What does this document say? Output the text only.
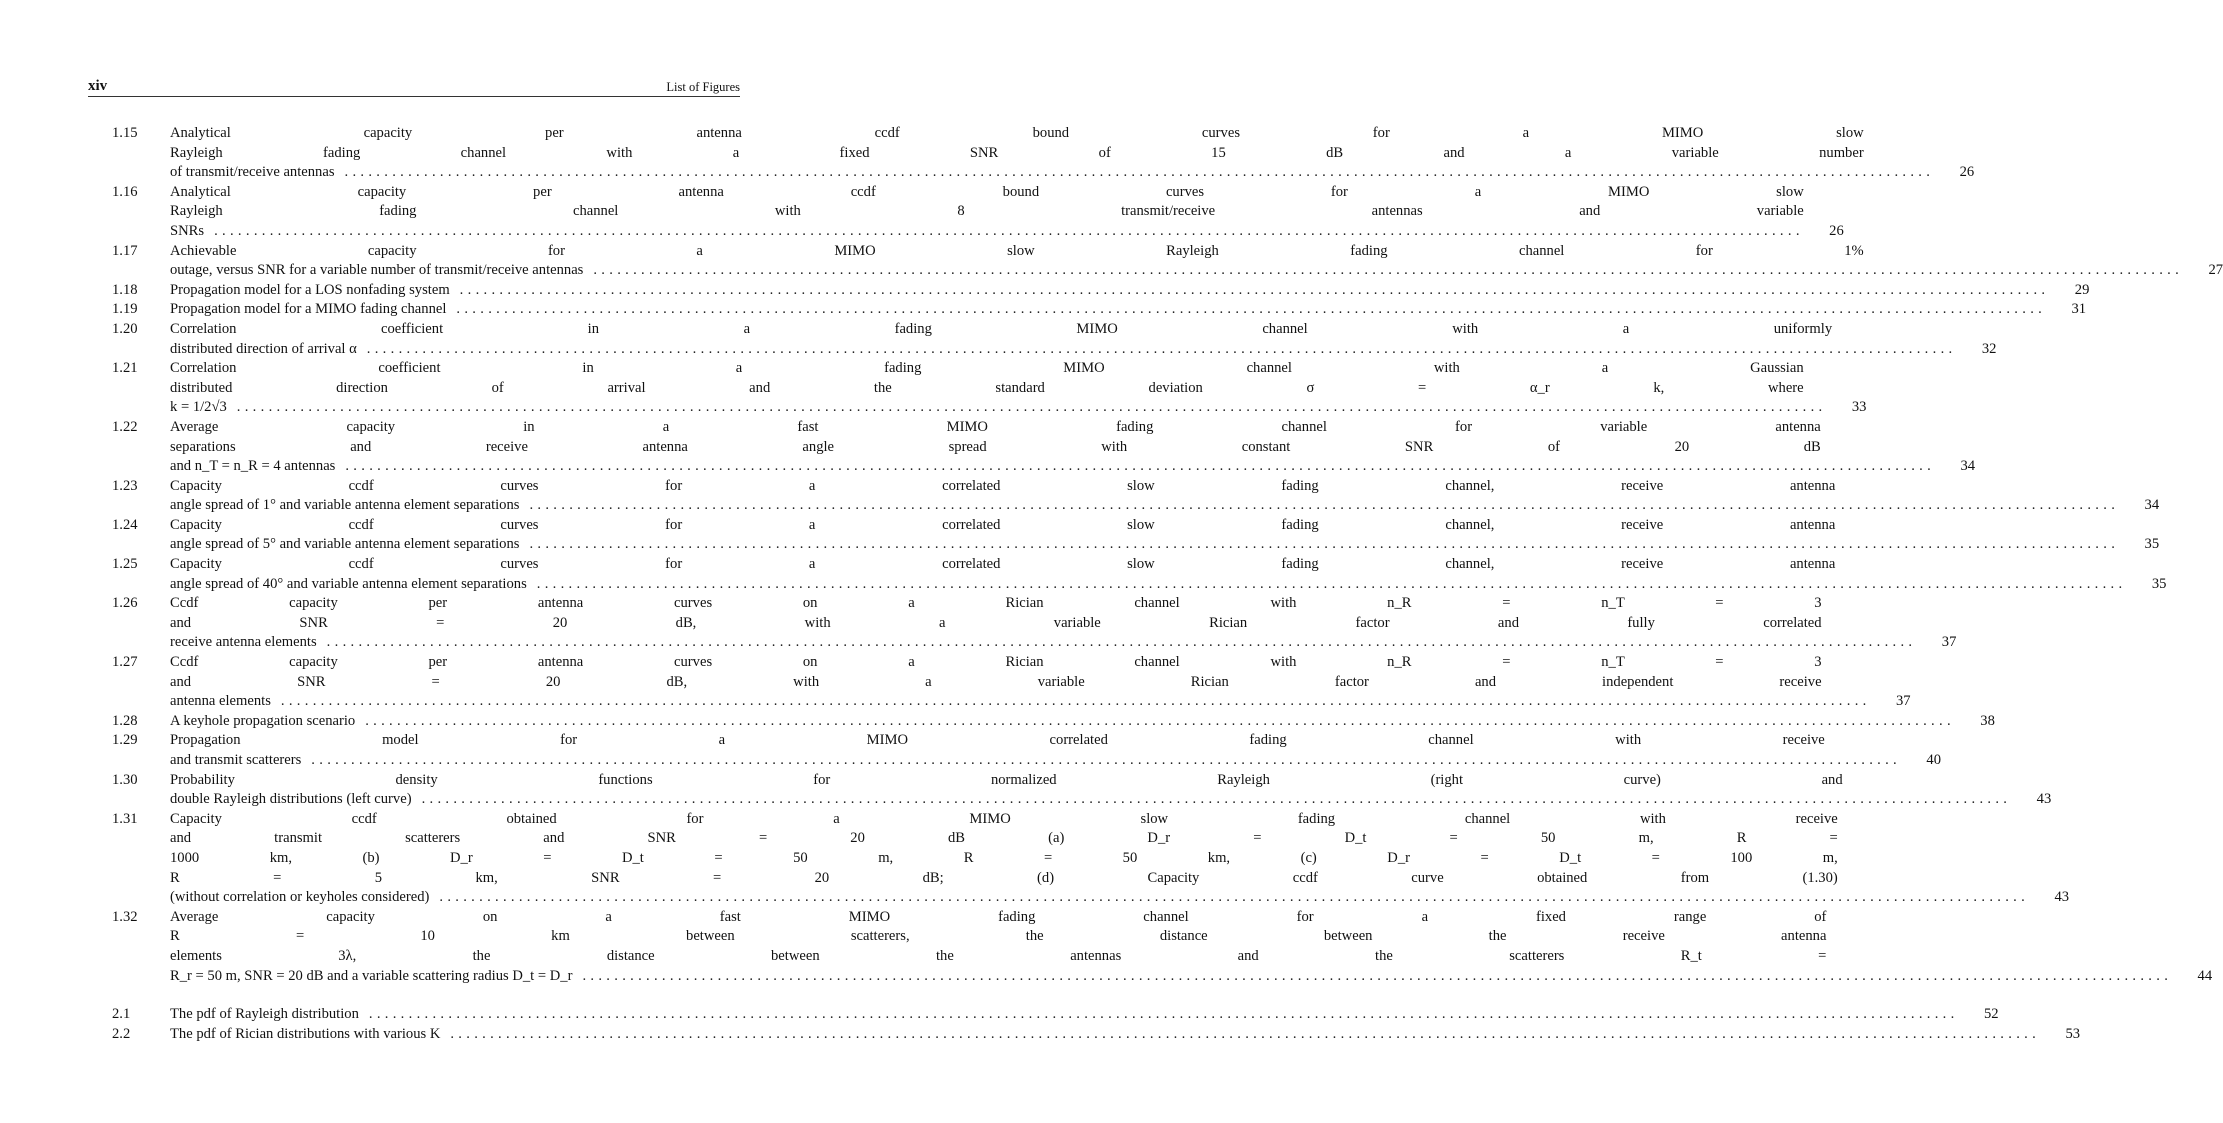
xiv	List of Figures
1.15	Analytical capacity per antenna ccdf bound curves for a MIMO slow
Rayleigh fading channel with a fixed SNR of 15 dB and a variable number
of transmit/receive antennas ........................................................................................................................................................................................................	26
1.16	Analytical capacity per antenna ccdf bound curves for a MIMO slow
Rayleigh fading channel with 8 transmit/receive antennas and variable
SNRs ........................................................................................................................................................................................................	26
1.17	Achievable capacity for a MIMO slow Rayleigh fading channel for 1%
outage, versus SNR for a variable number of transmit/receive antennas ........................................................................................................................................................................................................	27
1.18	Propagation model for a LOS nonfading system ........................................................................................................................................................................................................	29
1.19	Propagation model for a MIMO fading channel ........................................................................................................................................................................................................	31
1.20	Correlation coefficient in a fading MIMO channel with a uniformly
distributed direction of arrival α ........................................................................................................................................................................................................	32
1.21	Correlation coefficient in a fading MIMO channel with a Gaussian
distributed direction of arrival and the standard deviation σ = α_r k, where
k = 1/2√3 ........................................................................................................................................................................................................	33
1.22	Average capacity in a fast MIMO fading channel for variable antenna
separations and receive antenna angle spread with constant SNR of 20 dB
and n_T = n_R = 4 antennas ........................................................................................................................................................................................................	34
1.23	Capacity ccdf curves for a correlated slow fading channel, receive antenna
angle spread of 1° and variable antenna element separations ........................................................................................................................................................................................................	34
1.24	Capacity ccdf curves for a correlated slow fading channel, receive antenna
angle spread of 5° and variable antenna element separations ........................................................................................................................................................................................................	35
1.25	Capacity ccdf curves for a correlated slow fading channel, receive antenna
angle spread of 40° and variable antenna element separations ........................................................................................................................................................................................................	35
1.26	Ccdf capacity per antenna curves on a Rician channel with n_R = n_T = 3
and SNR = 20 dB, with a variable Rician factor and fully correlated
receive antenna elements ........................................................................................................................................................................................................	37
1.27	Ccdf capacity per antenna curves on a Rician channel with n_R = n_T = 3
and SNR = 20 dB, with a variable Rician factor and independent receive
antenna elements ........................................................................................................................................................................................................	37
1.28	A keyhole propagation scenario ........................................................................................................................................................................................................	38
1.29	Propagation model for a MIMO correlated fading channel with receive
and transmit scatterers ........................................................................................................................................................................................................	40
1.30	Probability density functions for normalized Rayleigh (right curve) and
double Rayleigh distributions (left curve) ........................................................................................................................................................................................................	43
1.31	Capacity ccdf obtained for a MIMO slow fading channel with receive
and transmit scatterers and SNR = 20 dB (a) D_r = D_t = 50 m, R =
1000 km, (b) D_r = D_t = 50 m, R = 50 km, (c) D_r = D_t = 100 m,
R = 5 km, SNR = 20 dB; (d) Capacity ccdf curve obtained from (1.30)
(without correlation or keyholes considered) ........................................................................................................................................................................................................	43
1.32	Average capacity on a fast MIMO fading channel for a fixed range of
R = 10 km between scatterers, the distance between the receive antenna
elements 3λ, the distance between the antennas and the scatterers R_t =
R_r = 50 m, SNR = 20 dB and a variable scattering radius D_t = D_r ........................................................................................................................................................................................................	44
2.1	The pdf of Rayleigh distribution ........................................................................................................................................................................................................	52
2.2	The pdf of Rician distributions with various K ........................................................................................................................................................................................................	53
